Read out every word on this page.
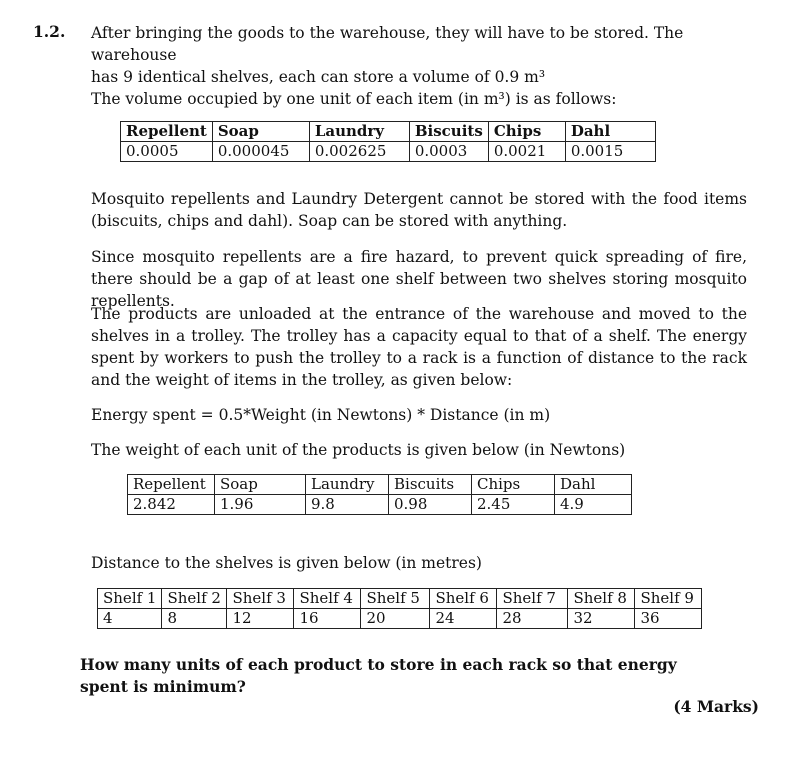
1.2. After bringing the goods to the warehouse, they will have to be stored. The warehouse
has 9 identical shelves, each can store a volume of 0.9 m³
The volume occupied by one unit of each item (in m³) is as follows:
Repellent	Soap	Laundry	Biscuits	Chips	Dahl
0.0005	0.000045	0.002625	0.0003	0.0021	0.0015
Mosquito repellents and Laundry Detergent cannot be stored with the food items (biscuits, chips and dahl). Soap can be stored with anything.
Since mosquito repellents are a fire hazard, to prevent quick spreading of fire, there should be a gap of at least one shelf between two shelves storing mosquito repellents.
The products are unloaded at the entrance of the warehouse and moved to the shelves in a trolley. The trolley has a capacity equal to that of a shelf. The energy spent by workers to push the trolley to a rack is a function of distance to the rack and the weight of items in the trolley, as given below:
Energy spent = 0.5*Weight (in Newtons) * Distance (in m)
The weight of each unit of the products is given below (in Newtons)
Repellent	Soap	Laundry	Biscuits	Chips	Dahl
2.842	1.96	9.8	0.98	2.45	4.9
Distance to the shelves is given below (in metres)
Shelf 1	Shelf 2	Shelf 3	Shelf 4	Shelf 5	Shelf 6	Shelf 7	Shelf 8	Shelf 9
4	8	12	16	20	24	28	32	36
How many units of each product to store in each rack so that energy spent is minimum?
(4 Marks)
